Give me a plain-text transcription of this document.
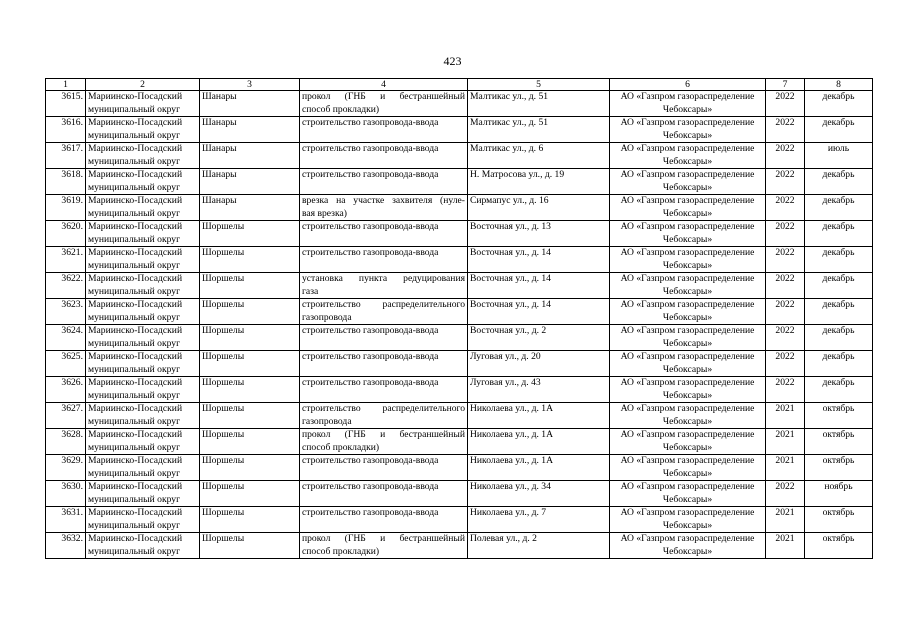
423
1	2	3	4	5	6	7	8

3615.	Мариинско-Посадский
муниципальный округ	Шанары	прокол (ГНБ и бестраншейный
способ прокладки)	Малтикас ул., д. 51	АО «Газпром газораспределение
Чебоксары»	2022	декабрь

3616.	Мариинско-Посадский
муниципальный округ	Шанары	строительство газопровода-ввода	Малтикас ул., д. 51	АО «Газпром газораспределение
Чебоксары»	2022	декабрь

3617.	Мариинско-Посадский
муниципальный округ	Шанары	строительство газопровода-ввода	Малтикас ул., д. 6	АО «Газпром газораспределение
Чебоксары»	2022	июль

3618.	Мариинско-Посадский
муниципальный округ	Шанары	строительство газопровода-ввода	Н. Матросова ул., д. 19	АО «Газпром газораспределение
Чебоксары»	2022	декабрь

3619.	Мариинско-Посадский
муниципальный округ	Шанары	врезка на участке захвителя (нуле-
вая врезка)	Сирмапус ул., д. 16	АО «Газпром газораспределение
Чебоксары»	2022	декабрь

3620.	Мариинско-Посадский
муниципальный округ	Шоршелы	строительство газопровода-ввода	Восточная ул., д. 13	АО «Газпром газораспределение
Чебоксары»	2022	декабрь

3621.	Мариинско-Посадский
муниципальный округ	Шоршелы	строительство газопровода-ввода	Восточная ул., д. 14	АО «Газпром газораспределение
Чебоксары»	2022	декабрь

3622.	Мариинско-Посадский
муниципальный округ	Шоршелы	установка пункта редуцирования
газа	Восточная ул., д. 14	АО «Газпром газораспределение
Чебоксары»	2022	декабрь

3623.	Мариинско-Посадский
муниципальный округ	Шоршелы	строительство распределительного
газопровода	Восточная ул., д. 14	АО «Газпром газораспределение
Чебоксары»	2022	декабрь

3624.	Мариинско-Посадский
муниципальный округ	Шоршелы	строительство газопровода-ввода	Восточная ул., д. 2	АО «Газпром газораспределение
Чебоксары»	2022	декабрь

3625.	Мариинско-Посадский
муниципальный округ	Шоршелы	строительство газопровода-ввода	Луговая ул., д. 20	АО «Газпром газораспределение
Чебоксары»	2022	декабрь

3626.	Мариинско-Посадский
муниципальный округ	Шоршелы	строительство газопровода-ввода	Луговая ул., д. 43	АО «Газпром газораспределение
Чебоксары»	2022	декабрь

3627.	Мариинско-Посадский
муниципальный округ	Шоршелы	строительство распределительного
газопровода	Николаева ул., д. 1А	АО «Газпром газораспределение
Чебоксары»	2021	октябрь

3628.	Мариинско-Посадский
муниципальный округ	Шоршелы	прокол (ГНБ и бестраншейный
способ прокладки)	Николаева ул., д. 1А	АО «Газпром газораспределение
Чебоксары»	2021	октябрь

3629.	Мариинско-Посадский
муниципальный округ	Шоршелы	строительство газопровода-ввода	Николаева ул., д. 1А	АО «Газпром газораспределение
Чебоксары»	2021	октябрь

3630.	Мариинско-Посадский
муниципальный округ	Шоршелы	строительство газопровода-ввода	Николаева ул., д. 34	АО «Газпром газораспределение
Чебоксары»	2022	ноябрь

3631.	Мариинско-Посадский
муниципальный округ	Шоршелы	строительство газопровода-ввода	Николаева ул., д. 7	АО «Газпром газораспределение
Чебоксары»	2021	октябрь

3632.	Мариинско-Посадский
муниципальный округ	Шоршелы	прокол (ГНБ и бестраншейный
способ прокладки)	Полевая ул., д. 2	АО «Газпром газораспределение
Чебоксары»	2021	октябрь
